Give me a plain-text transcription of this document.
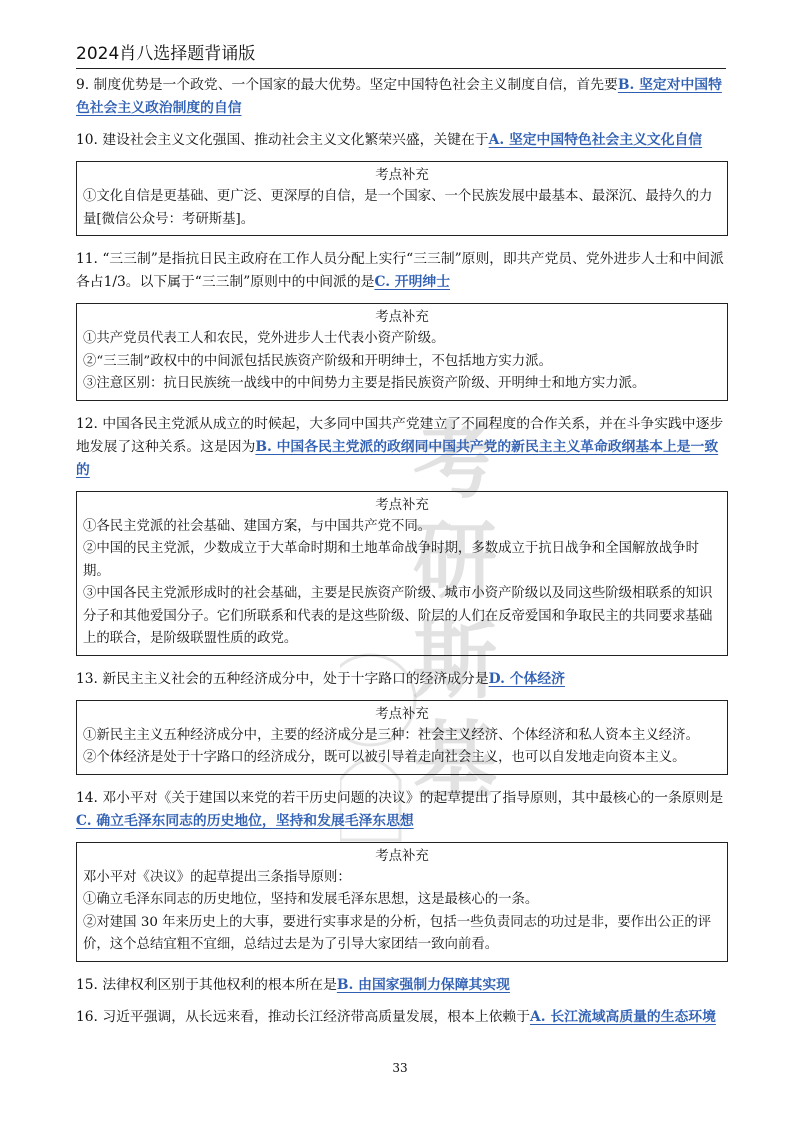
2024肖八选择题背诵版
考
研
斯
基

9. 制度优势是一个政党、一个国家的最大优势。坚定中国特色社会主义制度自信，首先要B. 坚定对中国特色社会主义政治制度的自信

10. 建设社会主义文化强国、推动社会主义文化繁荣兴盛，关键在于A. 坚定中国特色社会主义文化自信

考点补充

①文化自信是更基础、更广泛、更深厚的自信，是一个国家、一个民族发展中最基本、最深沉、最持久的力量[微信公众号：考研斯基]。

11. “三三制”是指抗日民主政府在工作人员分配上实行“三三制”原则，即共产党员、党外进步人士和中间派各占1/3。以下属于“三三制”原则中的中间派的是C. 开明绅士

考点补充

①共产党员代表工人和农民，党外进步人士代表小资产阶级。

②“三三制”政权中的中间派包括民族资产阶级和开明绅士，不包括地方实力派。

③注意区别：抗日民族统一战线中的中间势力主要是指民族资产阶级、开明绅士和地方实力派。

12. 中国各民主党派从成立的时候起，大多同中国共产党建立了不同程度的合作关系，并在斗争实践中逐步地发展了这种关系。这是因为B. 中国各民主党派的政纲同中国共产党的新民主主义革命政纲基本上是一致的

考点补充

①各民主党派的社会基础、建国方案，与中国共产党不同。

②中国的民主党派，少数成立于大革命时期和土地革命战争时期，多数成立于抗日战争和全国解放战争时期。

③中国各民主党派形成时的社会基础，主要是民族资产阶级、城市小资产阶级以及同这些阶级相联系的知识分子和其他爱国分子。它们所联系和代表的是这些阶级、阶层的人们在反帝爱国和争取民主的共同要求基础上的联合，是阶级联盟性质的政党。

13. 新民主主义社会的五种经济成分中，处于十字路口的经济成分是D. 个体经济

考点补充

①新民主主义五种经济成分中，主要的经济成分是三种：社会主义经济、个体经济和私人资本主义经济。

②个体经济是处于十字路口的经济成分，既可以被引导着走向社会主义，也可以自发地走向资本主义。

14. 邓小平对《关于建国以来党的若干历史问题的决议》的起草提出了指导原则，其中最核心的一条原则是C. 确立毛泽东同志的历史地位，坚持和发展毛泽东思想

考点补充

邓小平对《决议》的起草提出三条指导原则：

①确立毛泽东同志的历史地位，坚持和发展毛泽东思想，这是最核心的一条。

②对建国 30 年来历史上的大事，要进行实事求是的分析，包括一些负责同志的功过是非，要作出公正的评价，这个总结宜粗不宜细，总结过去是为了引导大家团结一致向前看。

15. 法律权利区别于其他权利的根本所在是B. 由国家强制力保障其实现

16. 习近平强调，从长远来看，推动长江经济带高质量发展，根本上依赖于A. 长江流域高质量的生态环境

33
